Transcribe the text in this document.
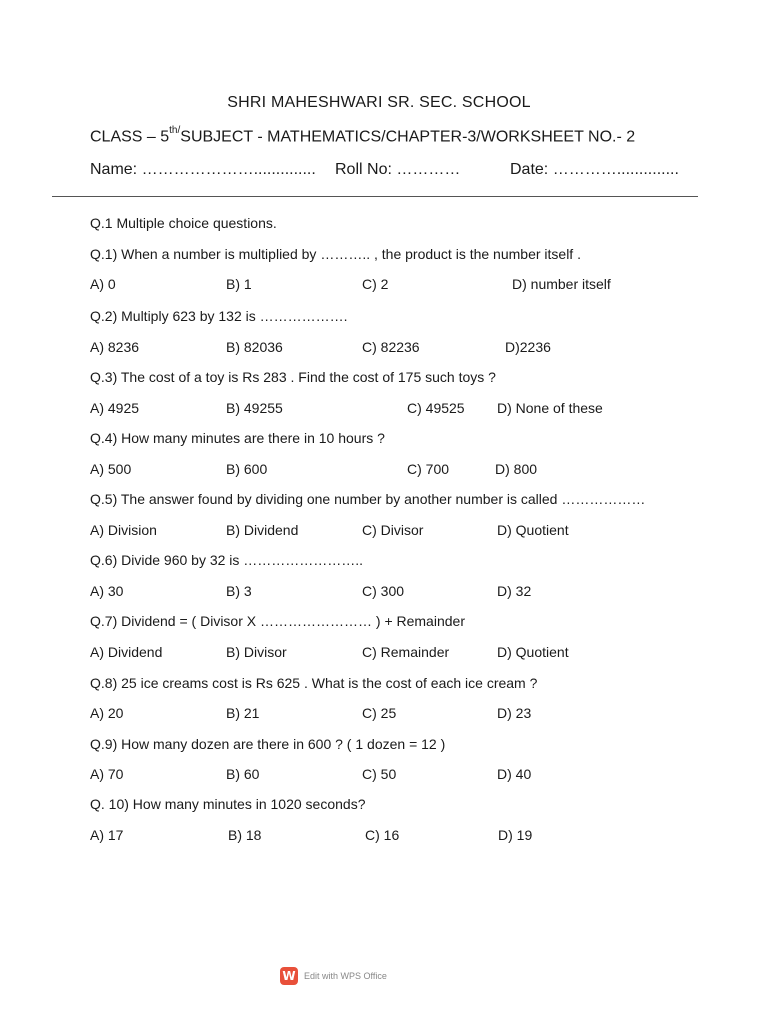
SHRI MAHESHWARI SR. SEC. SCHOOL
CLASS – $5^{th/}SUBJECT$ - MATHEMATICS/CHAPTER-3/WORKSHEET NO.- 2
Name: ………………….............. Roll No: …………	Date: …………..............
Q.1 Multiple choice questions.
Q.1) When a number is multiplied by ……….. , the product is the number itself .
A) 0	B) 1	C) 2	D) number itself
Q.2) Multiply 623 by 132 is ……………….
A) 8236	B) 82036	C) 82236	D)2236
Q.3) The cost of a toy is Rs 283 . Find the cost of 175 such toys ?
A) 4925	B) 49255	C) 49525 D) None of these
Q.4) How many minutes are there in 10 hours ?
A) 500	B) 600	C) 700	D) 800
Q.5) The answer found by dividing one number by another number is called ………………
A) Division	B) Dividend	C) Divisor	D) Quotient
Q.6) Divide 960 by 32 is ……………………..
A) 30	B) 3	C) 300	D) 32
Q.7) Dividend = ( Divisor X …………………… ) + Remainder
A) Dividend	B) Divisor	C) Remainder	D) Quotient
Q.8) 25 ice creams cost is Rs 625 . What is the cost of each ice cream ?
A) 20	B) 21	C) 25	D) 23
Q.9) How many dozen are there in 600 ? ( 1 dozen = 12 )
A) 70	B) 60	C) 50	D) 40
Q. 10) How many minutes in 1020 seconds?
A) 17	B) 18	C) 16	D) 19
W Edit with WPS Office
